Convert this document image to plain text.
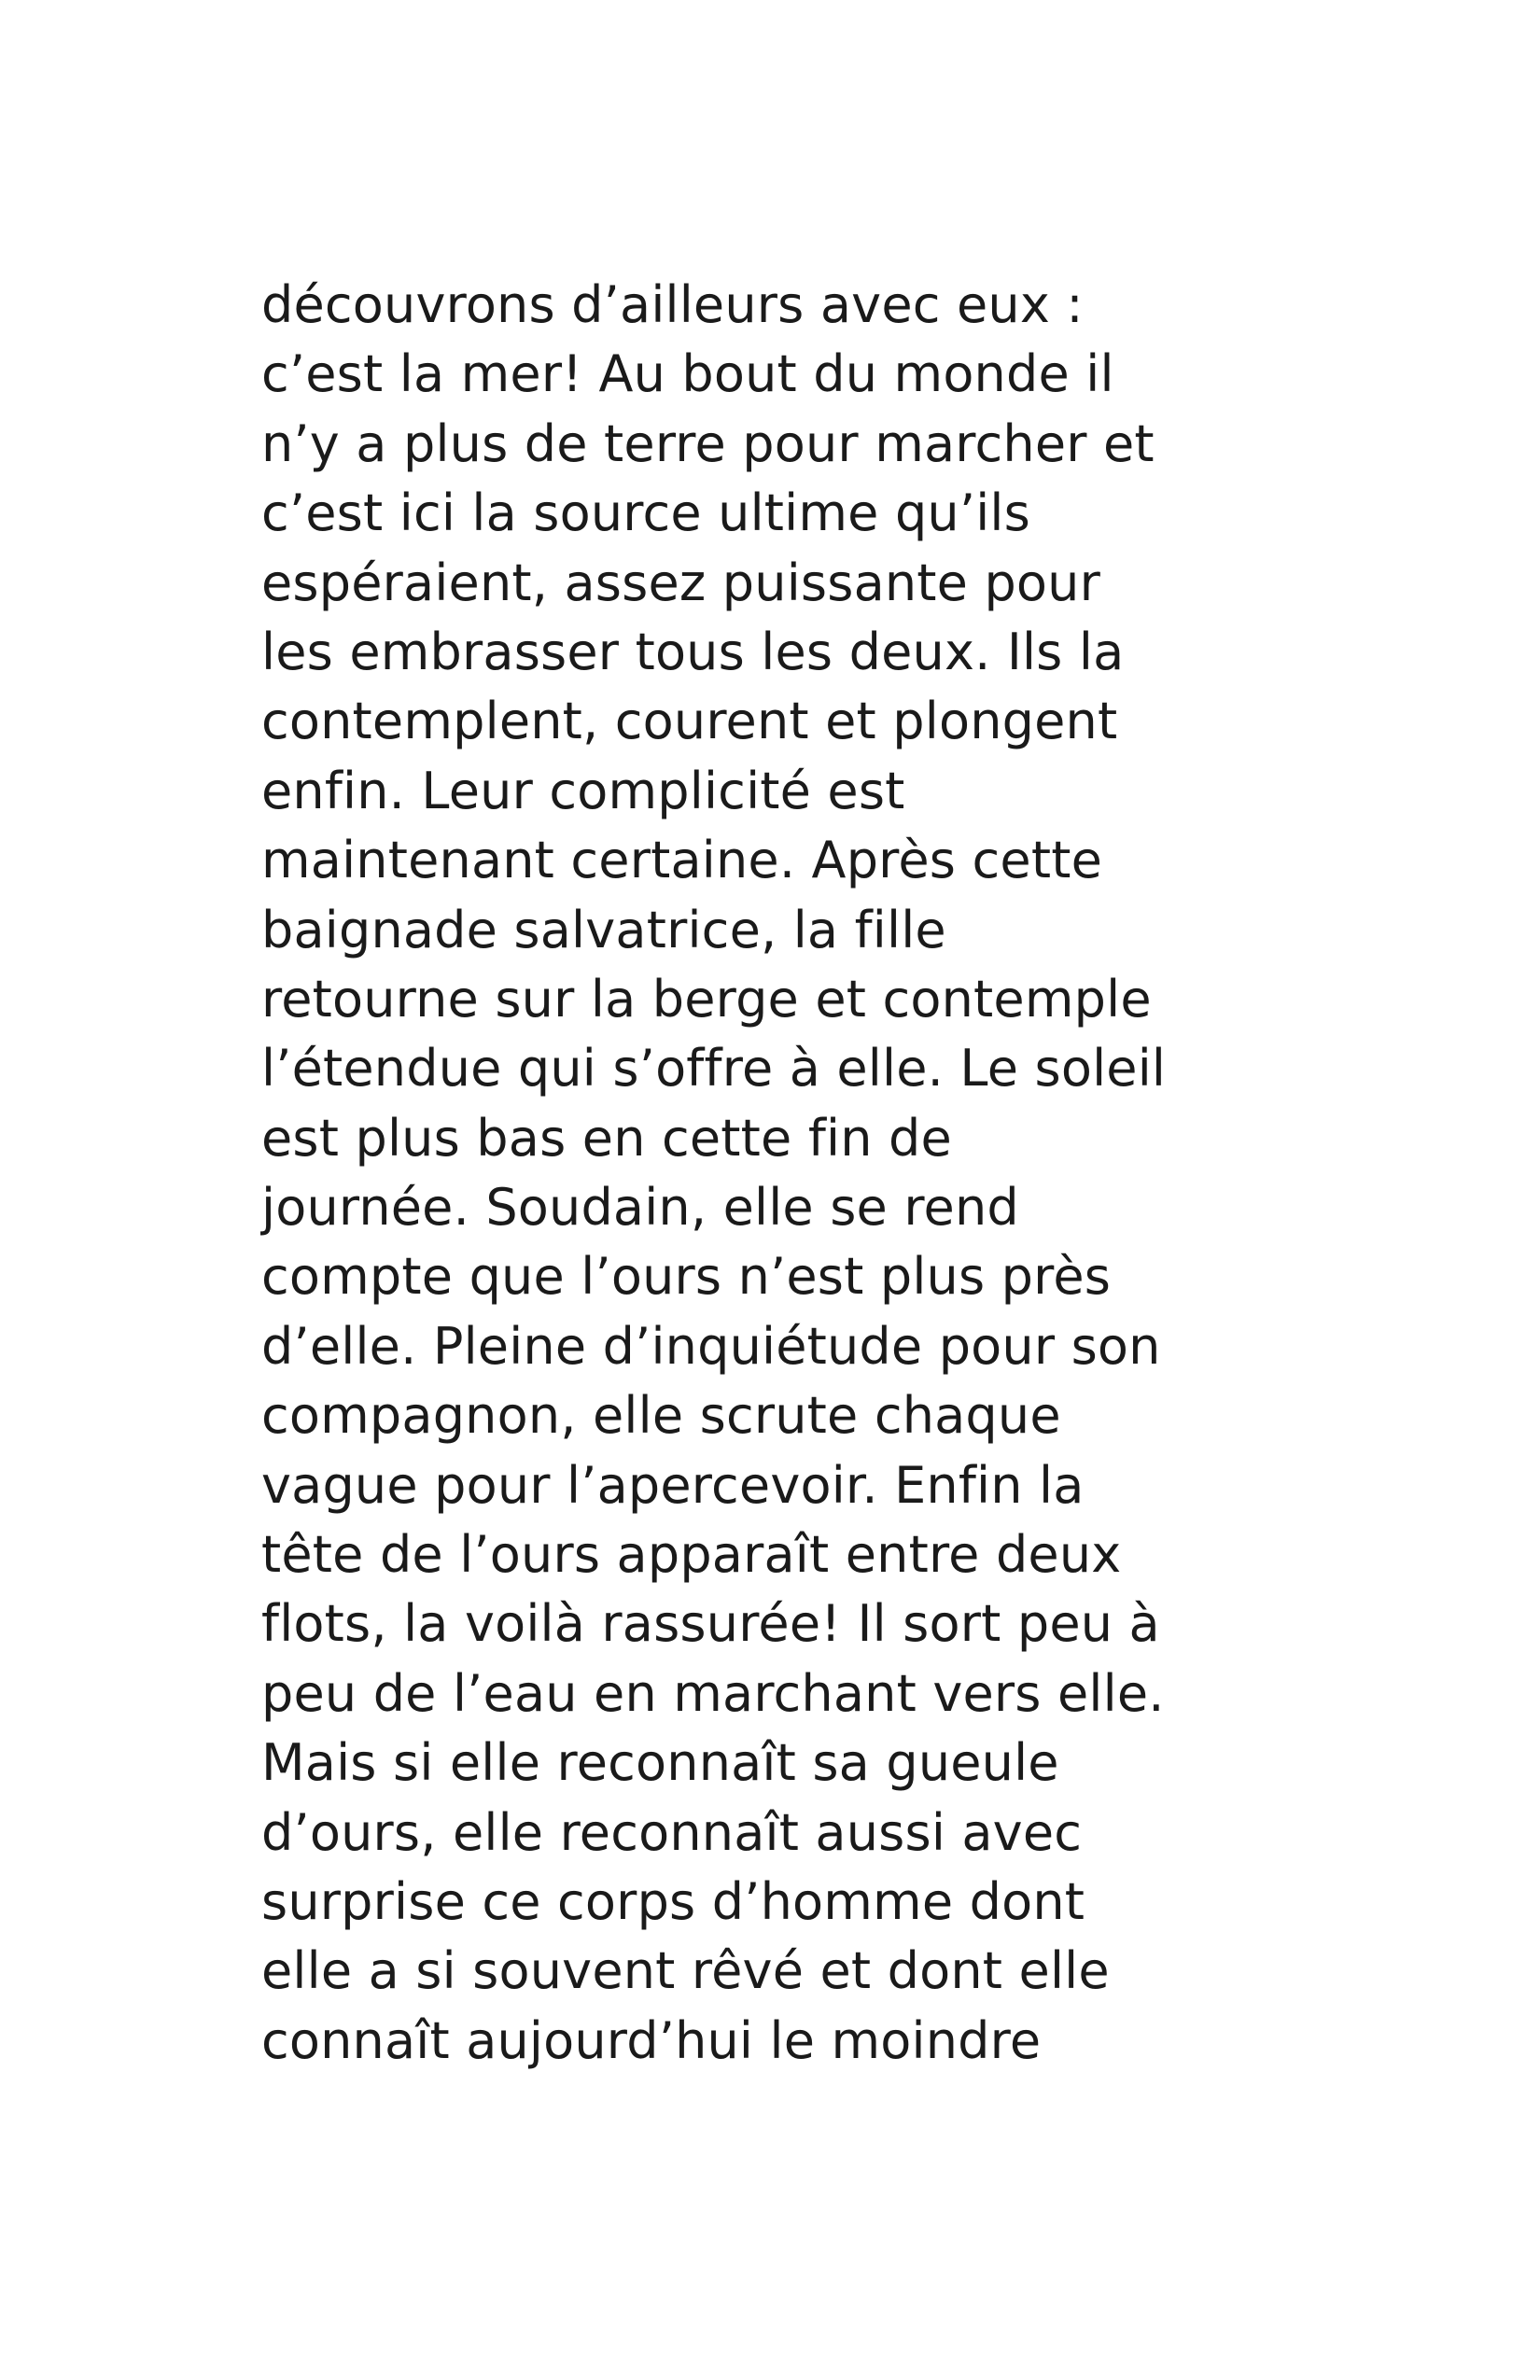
découvrons d’ailleurs avec eux :
c’est la mer! Au bout du monde il
n’y a plus de terre pour marcher et
c’est ici la source ultime qu’ils
espéraient, assez puissante pour
les embrasser tous les deux. Ils la
contemplent, courent et plongent
enfin. Leur complicité est
maintenant certaine. Après cette
baignade salvatrice, la fille
retourne sur la berge et contemple
l’étendue qui s’offre à elle. Le soleil
est plus bas en cette fin de
journée. Soudain, elle se rend
compte que l’ours n’est plus près
d’elle. Pleine d’inquiétude pour son
compagnon, elle scrute chaque
vague pour l’apercevoir. Enfin la
tête de l’ours apparaît entre deux
flots, la voilà rassurée! Il sort peu à
peu de l’eau en marchant vers elle.
Mais si elle reconnaît sa gueule
d’ours, elle reconnaît aussi avec
surprise ce corps d’homme dont
elle a si souvent rêvé et dont elle
connaît aujourd’hui le moindre
